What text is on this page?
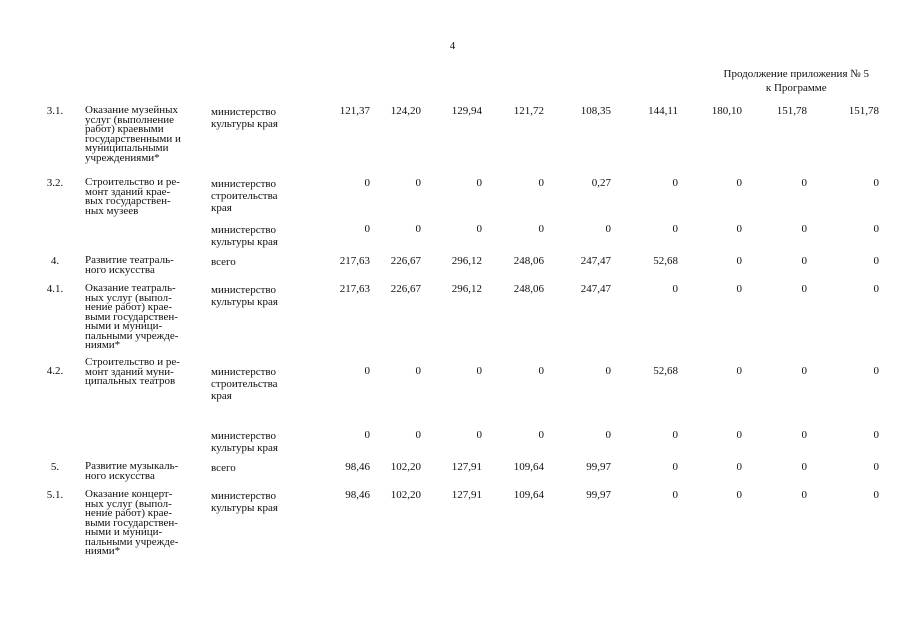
4
Продолжение приложения № 5
к Программе
3.1.	Оказание музейных
услуг (выполнение
работ) краевыми
государственными и
муниципальными
учреждениями*
министерство
культуры края
121,37 124,20	129,94	121,72	108,35	144,11	180,10	151,78	151,78
3.2.	Строительство и ре-
монт зданий крае-
вых государствен-
ных музеев
министерство
строительства
края
0	0	0	0	0,27	0	0	0	0
министерство
культуры края
0	0	0	0	0	0	0	0	0
4.	Развитие театраль-
ного искусства
всего	217,63 226,67	296,12	248,06	247,47	52,68	0	0	0
4.1.	Оказание театраль-
ных услуг (выпол-
нение работ) крае-
выми государствен-
ными и муници-
пальными учрежде-
ниями*
министерство
культуры края
217,63 226,67	296,12	248,06	247,47	0	0	0	0
4.2.
Строительство и ре-
монт зданий муни-
ципальных театров
министерство
строительства
края
0	0	0	0	0	52,68	0	0	0
министерство
культуры края
0	0	0	0	0	0	0	0	0
5.	Развитие музыкаль-
ного искусства
всего	98,46 102,20	127,91	109,64	99,97	0	0	0	0
5.1.	Оказание концерт-
ных услуг (выпол-
нение работ) крае-
выми государствен-
ными и муници-
пальными учрежде-
ниями*
министерство
культуры края
98,46 102,20	127,91	109,64	99,97	0	0	0	0
